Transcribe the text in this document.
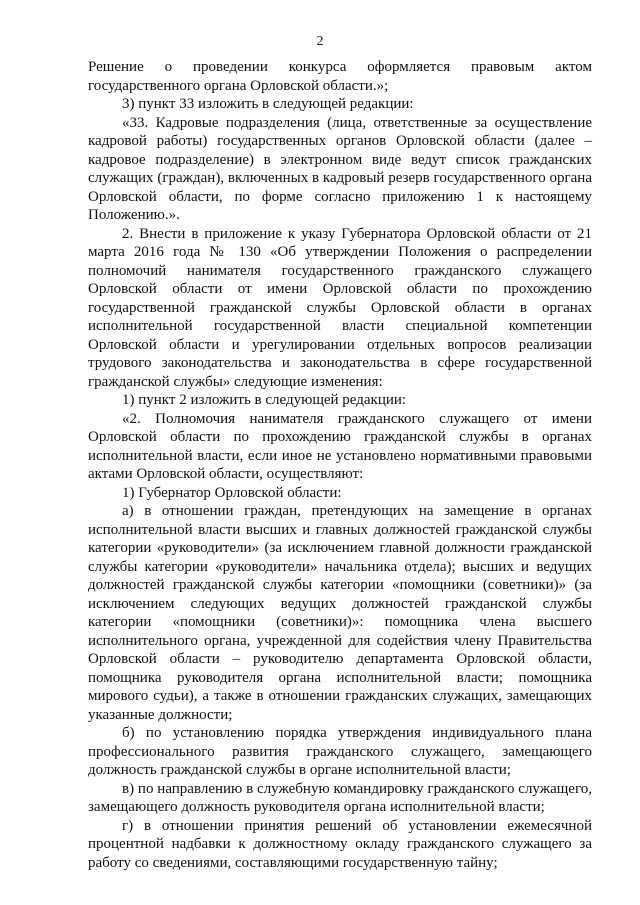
2

Решение о проведении конкурса оформляется правовым актом государственного органа Орловской области.»;

3) пункт 33 изложить в следующей редакции:

«33. Кадровые подразделения (лица, ответственные за осуществление кадровой работы) государственных органов Орловской области (далее – кадровое подразделение) в электронном виде ведут список гражданских служащих (граждан), включенных в кадровый резерв государственного органа Орловской области, по форме согласно приложению 1 к настоящему Положению.».

2. Внести в приложение к указу Губернатора Орловской области от 21 марта 2016 года № 130 «Об утверждении Положения о распределении полномочий нанимателя государственного гражданского служащего Орловской области от имени Орловской области по прохождению государственной гражданской службы Орловской области в органах исполнительной государственной власти специальной компетенции Орловской области и урегулировании отдельных вопросов реализации трудового законодательства и законодательства в сфере государственной гражданской службы» следующие изменения:

1) пункт 2 изложить в следующей редакции:

«2. Полномочия нанимателя гражданского служащего от имени Орловской области по прохождению гражданской службы в органах исполнительной власти, если иное не установлено нормативными правовыми актами Орловской области, осуществляют:

1) Губернатор Орловской области:

а) в отношении граждан, претендующих на замещение в органах исполнительной власти высших и главных должностей гражданской службы категории «руководители» (за исключением главной должности гражданской службы категории «руководители» начальника отдела); высших и ведущих должностей гражданской службы категории «помощники (советники)» (за исключением следующих ведущих должностей гражданской службы категории «помощники (советники)»: помощника члена высшего исполнительного органа, учрежденной для содействия члену Правительства Орловской области – руководителю департамента Орловской области, помощника руководителя органа исполнительной власти; помощника мирового судьи), а также в отношении гражданских служащих, замещающих указанные должности;

б) по установлению порядка утверждения индивидуального плана профессионального развития гражданского служащего, замещающего должность гражданской службы в органе исполнительной власти;

в) по направлению в служебную командировку гражданского служащего, замещающего должность руководителя органа исполнительной власти;

г) в отношении принятия решений об установлении ежемесячной процентной надбавки к должностному окладу гражданского служащего за работу со сведениями, составляющими государственную тайну;
